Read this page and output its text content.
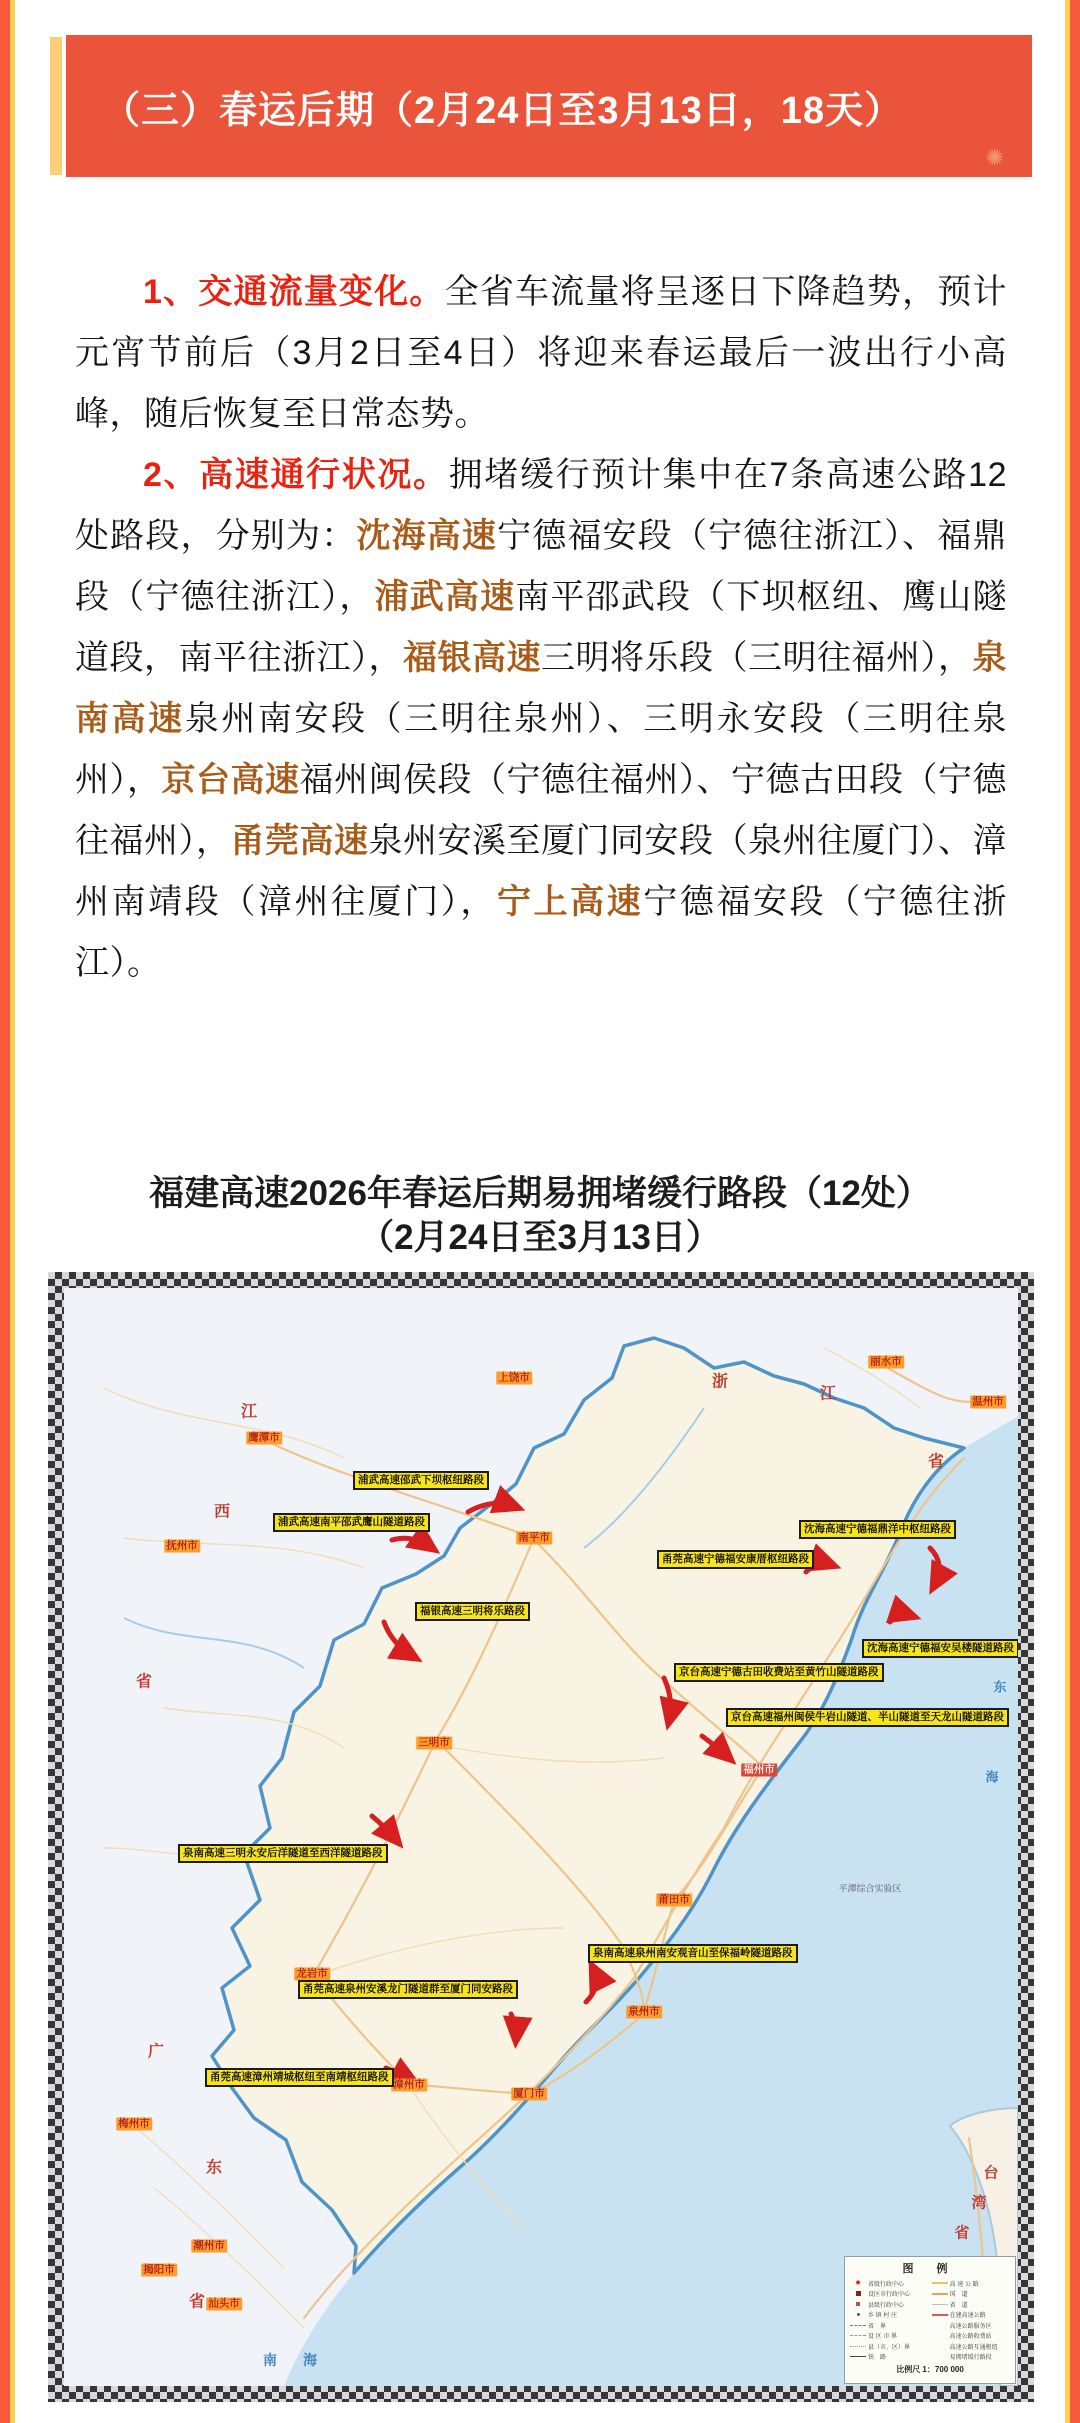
（三）春运后期（2月24日至3月13日，18天）
✺

1、交通流量变化。全省车流量将呈逐日下降趋势，预计元宵节前后（3月2日至4日）将迎来春运最后一波出行小高峰，随后恢复至日常态势。

2、高速通行状况。拥堵缓行预计集中在7条高速公路12处路段，分别为：沈海高速宁德福安段（宁德往浙江）、福鼎段（宁德往浙江），浦武高速南平邵武段（下坝枢纽、鹰山隧道段，南平往浙江），福银高速三明将乐段（三明往福州），泉南高速泉州南安段（三明往泉州）、三明永安段（三明往泉州），京台高速福州闽侯段（宁德往福州）、宁德古田段（宁德往福州），甬莞高速泉州安溪至厦门同安段（泉州往厦门）、漳州南靖段（漳州往厦门），宁上高速宁德福安段（宁德往浙江）。

福建高速2026年春运后期易拥堵缓行路段（12处）
（2月24日至3月13日）
浦武高速邵武下坝枢纽路段
浦武高速南平邵武鹰山隧道路段
福银高速三明将乐路段
沈海高速宁德福鼎洋中枢纽路段
甬莞高速宁德福安康厝枢纽路段
沈海高速宁德福安吴楼隧道路段
京台高速宁德古田收费站至黄竹山隧道路段
京台高速福州闽侯牛岩山隧道、半山隧道至天龙山隧道路段
泉南高速三明永安后洋隧道至西洋隧道路段
泉南高速泉州南安观音山至保福岭隧道路段
甬莞高速泉州安溪龙门隧道群至厦门同安路段
甬莞高速漳州靖城枢纽至南靖枢纽路段
上饶市
鹰潭市
抚州市
丽水市
温州市
南平市
三明市
福州市
莆田市
泉州市
龙岩市
漳州市
厦门市
梅州市
潮州市
揭阳市
汕头市
江
西
省
浙
江
省
广
东
省
台
湾
省
南 海
东
海
平潭综合实验区
图 例
✹	省级行政中心
设区市行政中心
县级行政中心
乡 镇 村 庄
省　界
设 区 市 界
县（市、区）界
铁　路
高 速 公 路
国　道
省　道
在建高速公路
高速公路服务区
高速公路收费站
高速公路互通枢纽
易拥堵缓行路段
比例尺 1：700 000
